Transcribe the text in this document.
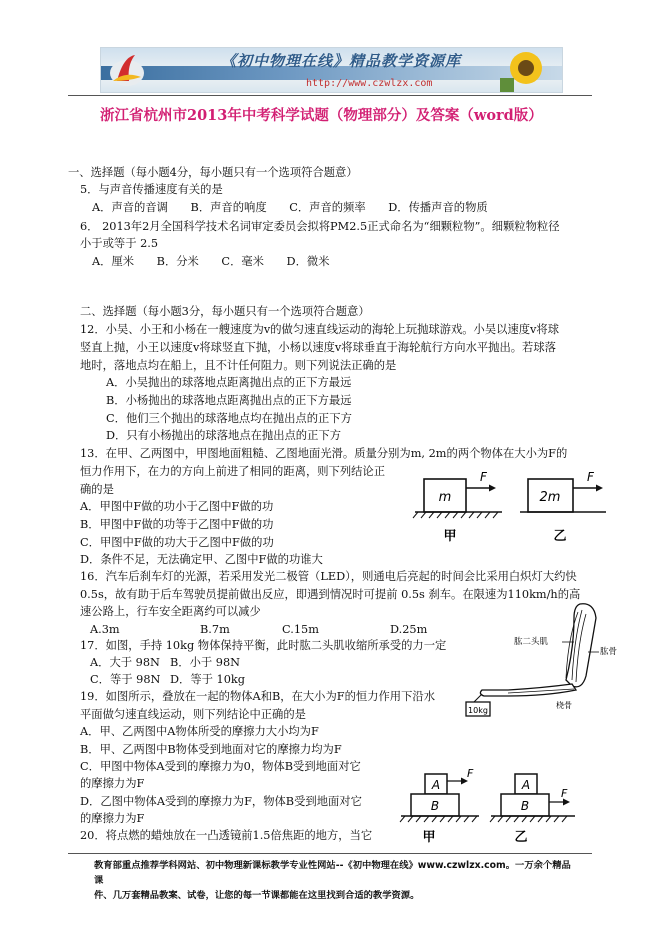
《初中物理在线》精品教学资源库
http://www.czwlzx.com
浙江省杭州市2013年中考科学试题（物理部分）及答案（word版）
一、选择题（每小题4分，每小题只有一个选项符合题意）
5．与声音传播速度有关的是
A．声音的音调　　B．声音的响度　　C．声音的频率　　D．传播声音的物质
6． 2013年2月全国科学技术名词审定委员会拟将PM2.5正式命名为“细颗粒物”。细颗粒物粒径
小于或等于 2.5
A．厘米　　B．分米　　C．毫米　　D．微米
二、选择题（每小题3分，每小题只有一个选项符合题意）
12．小吴、小王和小杨在一艘速度为v的做匀速直线运动的海轮上玩抛球游戏。小吴以速度v将球
竖直上抛，小王以速度v将球竖直下抛，小杨以速度v将球垂直于海轮航行方向水平抛出。若球落
地时，落地点均在船上，且不计任何阻力。则下列说法正确的是
A．小吴抛出的球落地点距离抛出点的正下方最远
B．小杨抛出的球落地点距离抛出点的正下方最远
C．他们三个抛出的球落地点均在抛出点的正下方
D．只有小杨抛出的球落地点在抛出点的正下方
13．在甲、乙两图中，甲图地面粗糙、乙图地面光滑。质量分别为m, 2m的两个物体在大小为F的
恒力作用下，在力的方向上前进了相同的距离，则下列结论正
确的是
A．甲图中F做的功小于乙图中F做的功
B．甲图中F做的功等于乙图中F做的功
C．甲图中F做的功大于乙图中F做的功
D．条件不足，无法确定甲、乙图中F做的功谁大
m
F
甲
2m
F
乙
16．汽车后刹车灯的光源，若采用发光二极管（LED），则通电后亮起的时间会比采用白炽灯大约快
0.5s，故有助于后车驾驶员提前做出反应，即遇到情况时可提前 0.5s 刹车。在限速为110km/h的高
速公路上，行车安全距离约可以减少
A.3m	B.7m	C.15m	D.25m
17．如图，手持 10kg 物体保持平衡，此时肱二头肌收缩所承受的力一定
A．大于 98N B．小于 98N
C．等于 98N D．等于 10kg
10kg
肱二头肌
肱骨
桡骨
19．如图所示，叠放在一起的物体A和B，在大小为F的恒力作用下沿水
平面做匀速直线运动，则下列结论中正确的是
A．甲、乙两图中A物体所受的摩擦力大小均为F
B．甲、乙两图中B物体受到地面对它的摩擦力均为F
C．甲图中物体A受到的摩擦力为0，物体B受到地面对它
的摩擦力为F
D．乙图中物体A受到的摩擦力为F，物体B受到地面对它
的摩擦力为F
20．将点燃的蜡烛放在一凸透镜前1.5倍焦距的地方，当它
A
B
F
甲
A
B
F
乙
教育部重点推荐学科网站、初中物理新课标教学专业性网站--《初中物理在线》www.czwlzx.com。一万余个精品课
件、几万套精品教案、试卷，让您的每一节课都能在这里找到合适的教学资源。
